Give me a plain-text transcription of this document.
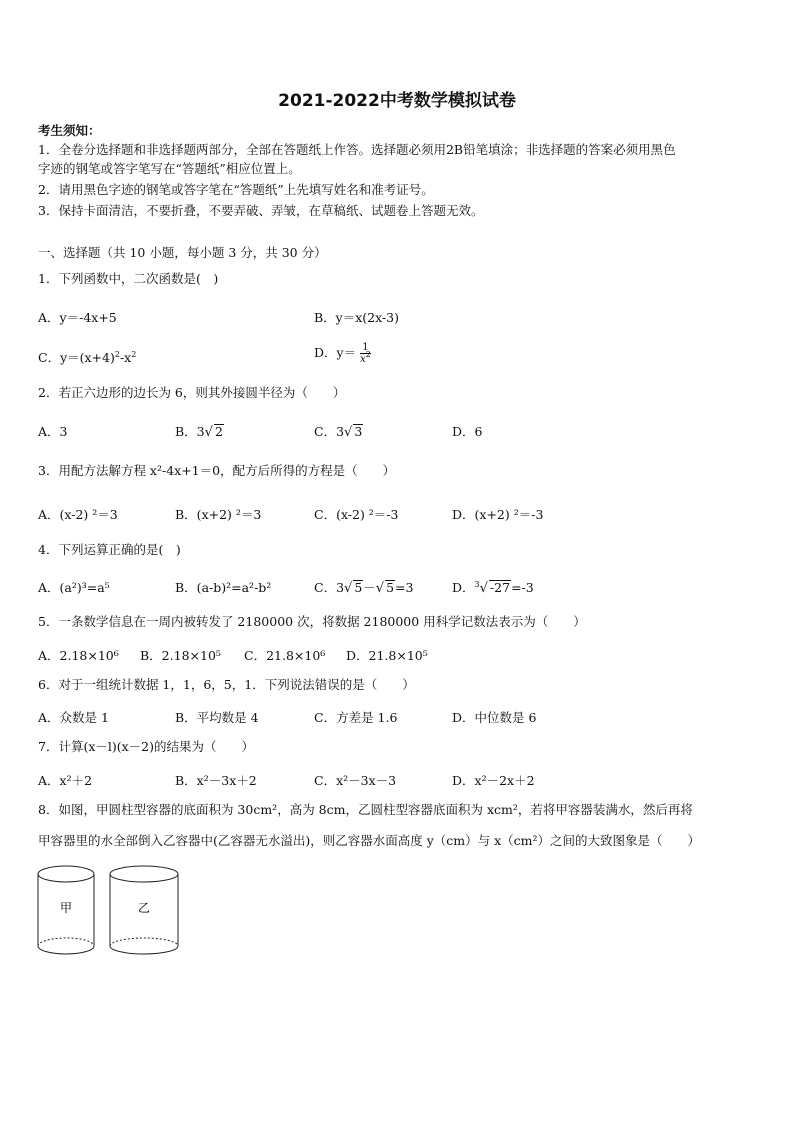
2021-2022中考数学模拟试卷
考生须知：
1．全卷分选择题和非选择题两部分，全部在答题纸上作答。选择题必须用2B铅笔填涂；非选择题的答案必须用黑色
字迹的钢笔或答字笔写在“答题纸”相应位置上。
2．请用黑色字迹的钢笔或答字笔在“答题纸”上先填写姓名和准考证号。
3．保持卡面清洁，不要折叠，不要弄破、弄皱，在草稿纸、试题卷上答题无效。
一、选择题（共 10 小题，每小题 3 分，共 30 分）
1．下列函数中，二次函数是(　)
A．y＝-4x+5	B．y＝x(2x-3)
C．$y=(x+4)^2-x^2$	D．$y= \frac{1}{x^2}$
2．若正六边形的边长为 6，则其外接圆半径为（　　）
A．3	B．3√ 2	C．3√ 3	D．6
3．用配方法解方程 x²-4x+1＝0，配方后所得的方程是（　　）
A．(x-2) ²＝3	B．(x+2) ²＝3	C．(x-2) ²＝-3	D．(x+2) ²＝-3
4．下列运算正确的是(　)
A．(a²)³=a⁵	B．(a-b)²=a²-b²	C．3√ 5－√ 5=3	D．$^3$√ -27=-3
5．一条数学信息在一周内被转发了 2180000 次，将数据 2180000 用科学记数法表示为（　　）
A．2.18×10⁶ B．2.18×10⁵ C．21.8×10⁶ D．21.8×10⁵
6．对于一组统计数据 1，1，6，5，1．下列说法错误的是（　　）
A．众数是 1	B．平均数是 4	C．方差是 1.6	D．中位数是 6
7．计算(x－l)(x－2)的结果为（　　）
A．x²＋2	B．x²－3x＋2	C．x²－3x－3	D．x²－2x＋2
8．如图，甲圆柱型容器的底面积为 30cm²，高为 8cm，乙圆柱型容器底面积为 xcm²，若将甲容器装满水，然后再将
甲容器里的水全部倒入乙容器中(乙容器无水溢出)，则乙容器水面高度 y（cm）与 x（cm²）之间的大致图象是（　　）
甲	乙
